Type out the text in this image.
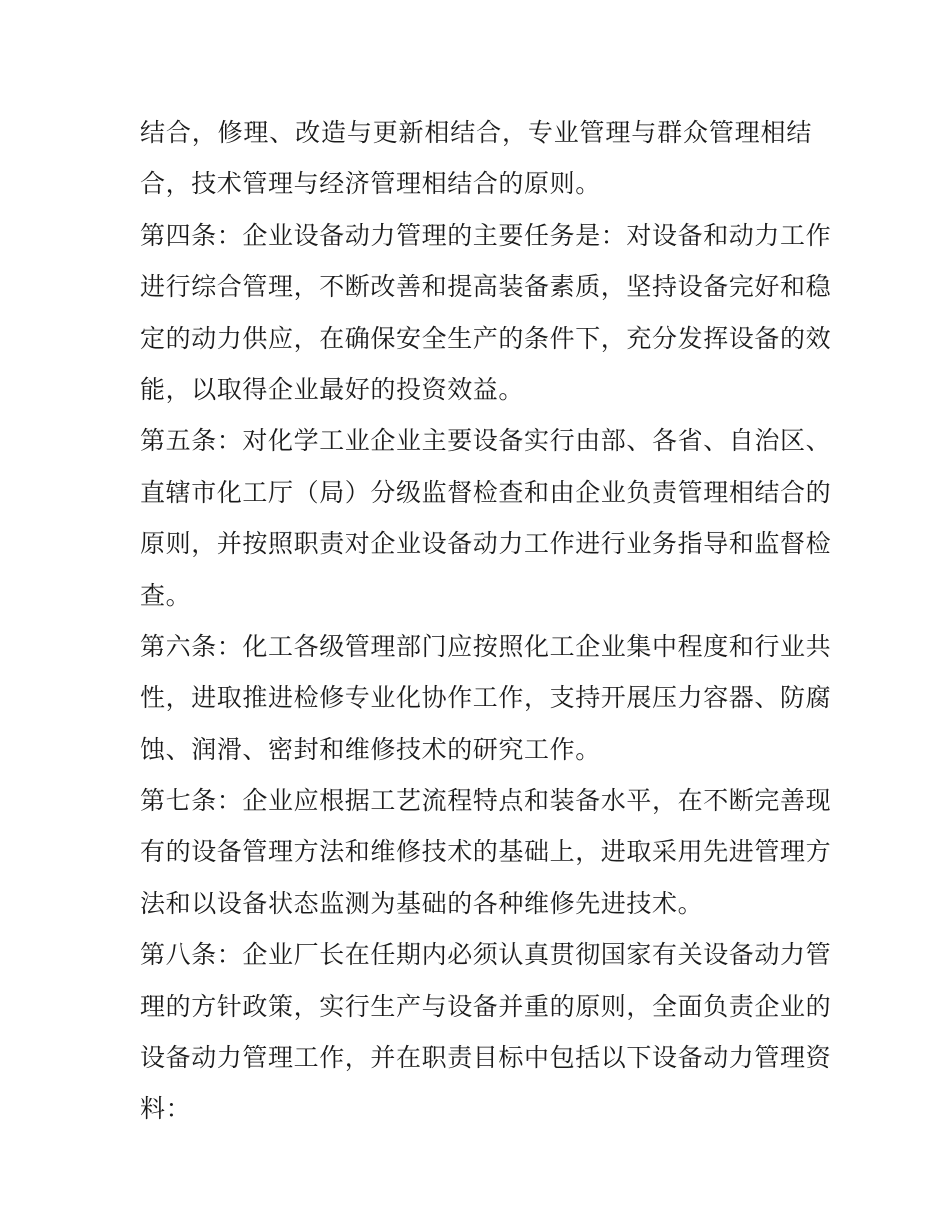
结合，修理、改造与更新相结合，专业管理与群众管理相结
合，技术管理与经济管理相结合的原则。
第四条：企业设备动力管理的主要任务是：对设备和动力工作
进行综合管理，不断改善和提高装备素质，坚持设备完好和稳
定的动力供应，在确保安全生产的条件下，充分发挥设备的效
能，以取得企业最好的投资效益。
第五条：对化学工业企业主要设备实行由部、各省、自治区、
直辖市化工厅（局）分级监督检查和由企业负责管理相结合的
原则，并按照职责对企业设备动力工作进行业务指导和监督检
查。
第六条：化工各级管理部门应按照化工企业集中程度和行业共
性，进取推进检修专业化协作工作，支持开展压力容器、防腐
蚀、润滑、密封和维修技术的研究工作。
第七条：企业应根据工艺流程特点和装备水平，在不断完善现
有的设备管理方法和维修技术的基础上，进取采用先进管理方
法和以设备状态监测为基础的各种维修先进技术。
第八条：企业厂长在任期内必须认真贯彻国家有关设备动力管
理的方针政策，实行生产与设备并重的原则，全面负责企业的
设备动力管理工作，并在职责目标中包括以下设备动力管理资
料：
